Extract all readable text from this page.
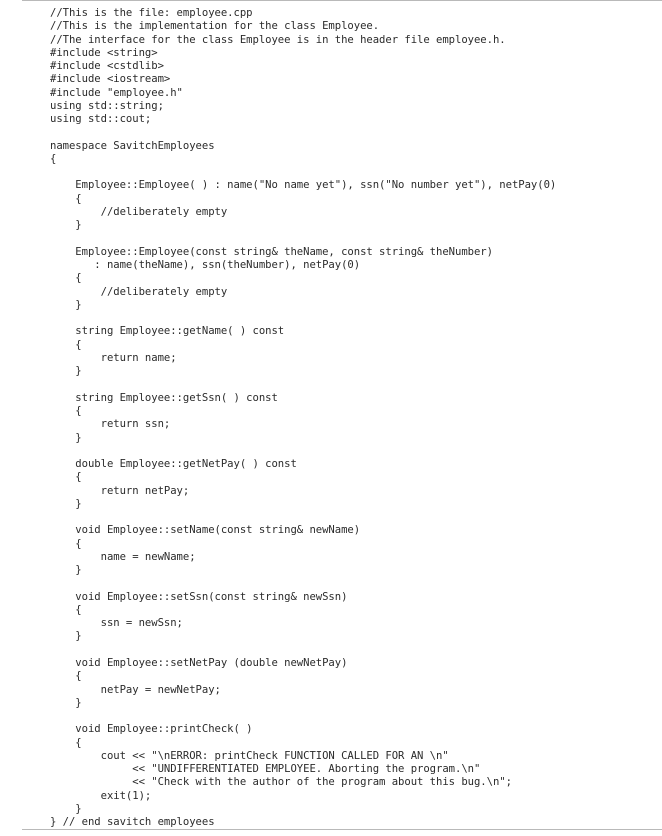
//This is the file: employee.cpp
//This is the implementation for the class Employee.
//The interface for the class Employee is in the header file employee.h.
#include <string>
#include <cstdlib>
#include <iostream>
#include "employee.h"
using std::string;
using std::cout;
namespace SavitchEmployees
{
Employee::Employee( ) : name("No name yet"), ssn("No number yet"), netPay(0)
{
//deliberately empty
}
Employee::Employee(const string& theName, const string& theNumber)
: name(theName), ssn(theNumber), netPay(0)
{
//deliberately empty
}
string Employee::getName( ) const
{
return name;
}
string Employee::getSsn( ) const
{
return ssn;
}
double Employee::getNetPay( ) const
{
return netPay;
}
void Employee::setName(const string& newName)
{
name = newName;
}
void Employee::setSsn(const string& newSsn)
{
ssn = newSsn;
}
void Employee::setNetPay (double newNetPay)
{
netPay = newNetPay;
}
void Employee::printCheck( )
{
cout << "\nERROR: printCheck FUNCTION CALLED FOR AN \n"
<< "UNDIFFERENTIATED EMPLOYEE. Aborting the program.\n"
<< "Check with the author of the program about this bug.\n";
exit(1);
}
} // end savitch employees
